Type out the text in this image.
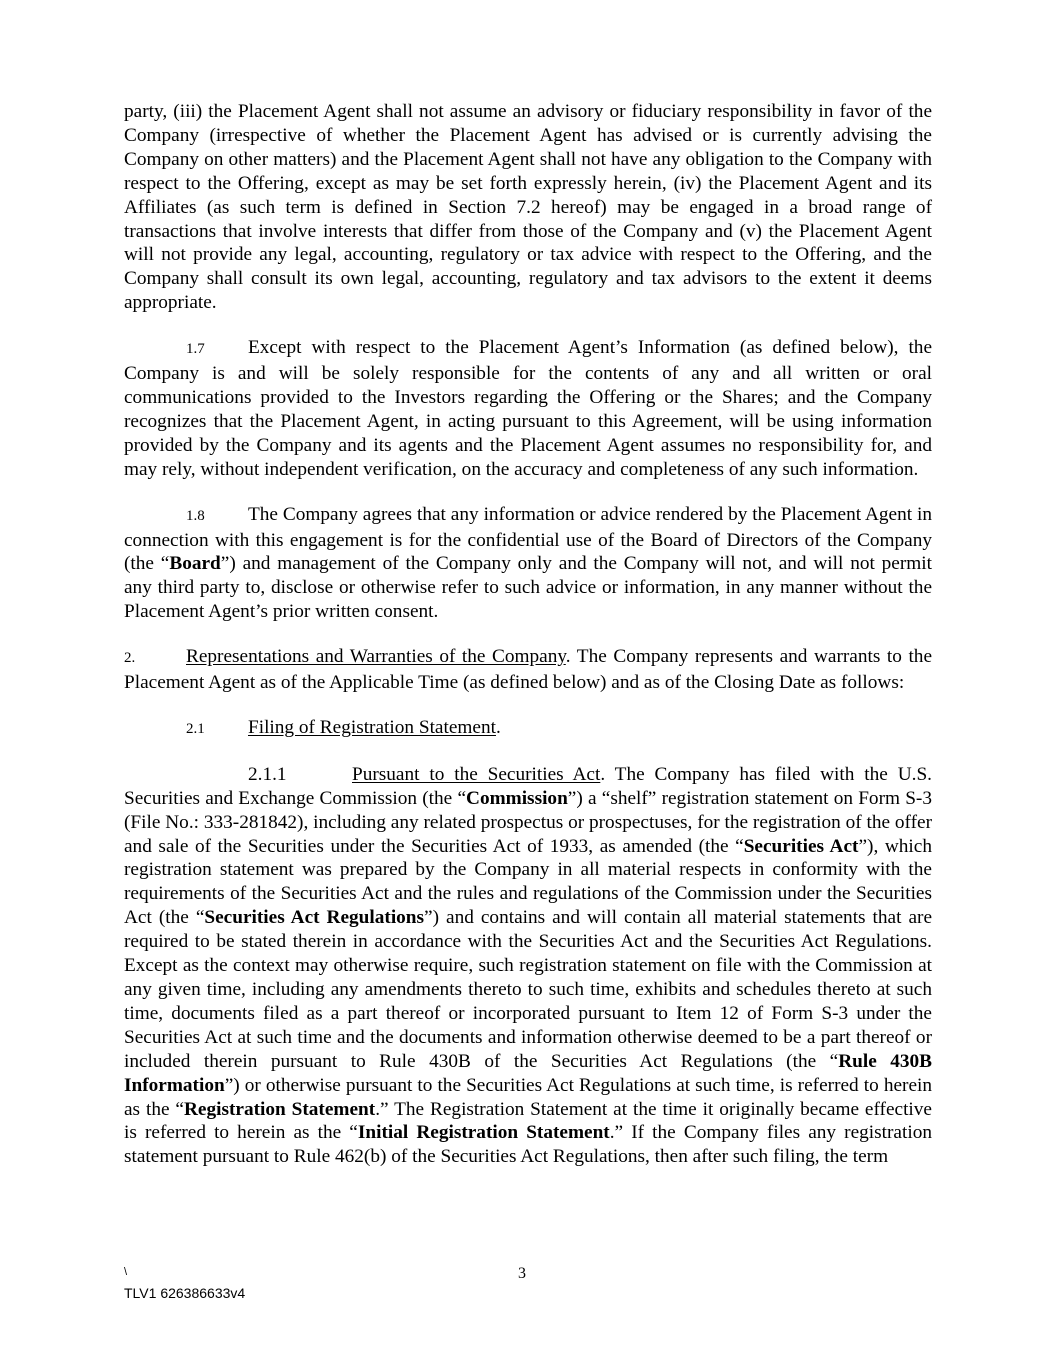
party, (iii) the Placement Agent shall not assume an advisory or fiduciary responsibility in favor of the Company (irrespective of whether the Placement Agent has advised or is currently advising the Company on other matters) and the Placement Agent shall not have any obligation to the Company with respect to the Offering, except as may be set forth expressly herein, (iv) the Placement Agent and its Affiliates (as such term is defined in Section 7.2 hereof) may be engaged in a broad range of transactions that involve interests that differ from those of the Company and (v) the Placement Agent will not provide any legal, accounting, regulatory or tax advice with respect to the Offering, and the Company shall consult its own legal, accounting, regulatory and tax advisors to the extent it deems appropriate.

1.7 Except with respect to the Placement Agent’s Information (as defined below), the Company is and will be solely responsible for the contents of any and all written or oral communications provided to the Investors regarding the Offering or the Shares; and the Company recognizes that the Placement Agent, in acting pursuant to this Agreement, will be using information provided by the Company and its agents and the Placement Agent assumes no responsibility for, and may rely, without independent verification, on the accuracy and completeness of any such information.

1.8 The Company agrees that any information or advice rendered by the Placement Agent in connection with this engagement is for the confidential use of the Board of Directors of the Company (the “Board”) and management of the Company only and the Company will not, and will not permit any third party to, disclose or otherwise refer to such advice or information, in any manner without the Placement Agent’s prior written consent.

2.	Representations and Warranties of the Company. The Company represents and warrants to the Placement Agent as of the Applicable Time (as defined below) and as of the Closing Date as follows:

2.1 Filing of Registration Statement.

2.1.1	Pursuant to the Securities Act. The Company has filed with the U.S. Securities and Exchange Commission (the “Commission”) a “shelf” registration statement on Form S-3 (File No.: 333-281842), including any related prospectus or prospectuses, for the registration of the offer and sale of the Securities under the Securities Act of 1933, as amended (the “Securities Act”), which registration statement was prepared by the Company in all material respects in conformity with the requirements of the Securities Act and the rules and regulations of the Commission under the Securities Act (the “Securities Act Regulations”) and contains and will contain all material statements that are required to be stated therein in accordance with the Securities Act and the Securities Act Regulations. Except as the context may otherwise require, such registration statement on file with the Commission at any given time, including any amendments thereto to such time, exhibits and schedules thereto at such time, documents filed as a part thereof or incorporated pursuant to Item 12 of Form S-3 under the Securities Act at such time and the documents and information otherwise deemed to be a part thereof or included therein pursuant to Rule 430B of the Securities Act Regulations (the “Rule 430B Information”) or otherwise pursuant to the Securities Act Regulations at such time, is referred to herein as the “Registration Statement.” The Registration Statement at the time it originally became effective is referred to herein as the “Initial Registration Statement.” If the Company files any registration statement pursuant to Rule 462(b) of the Securities Act Regulations, then after such filing, the term

\	3
TLV1 626386633v4
